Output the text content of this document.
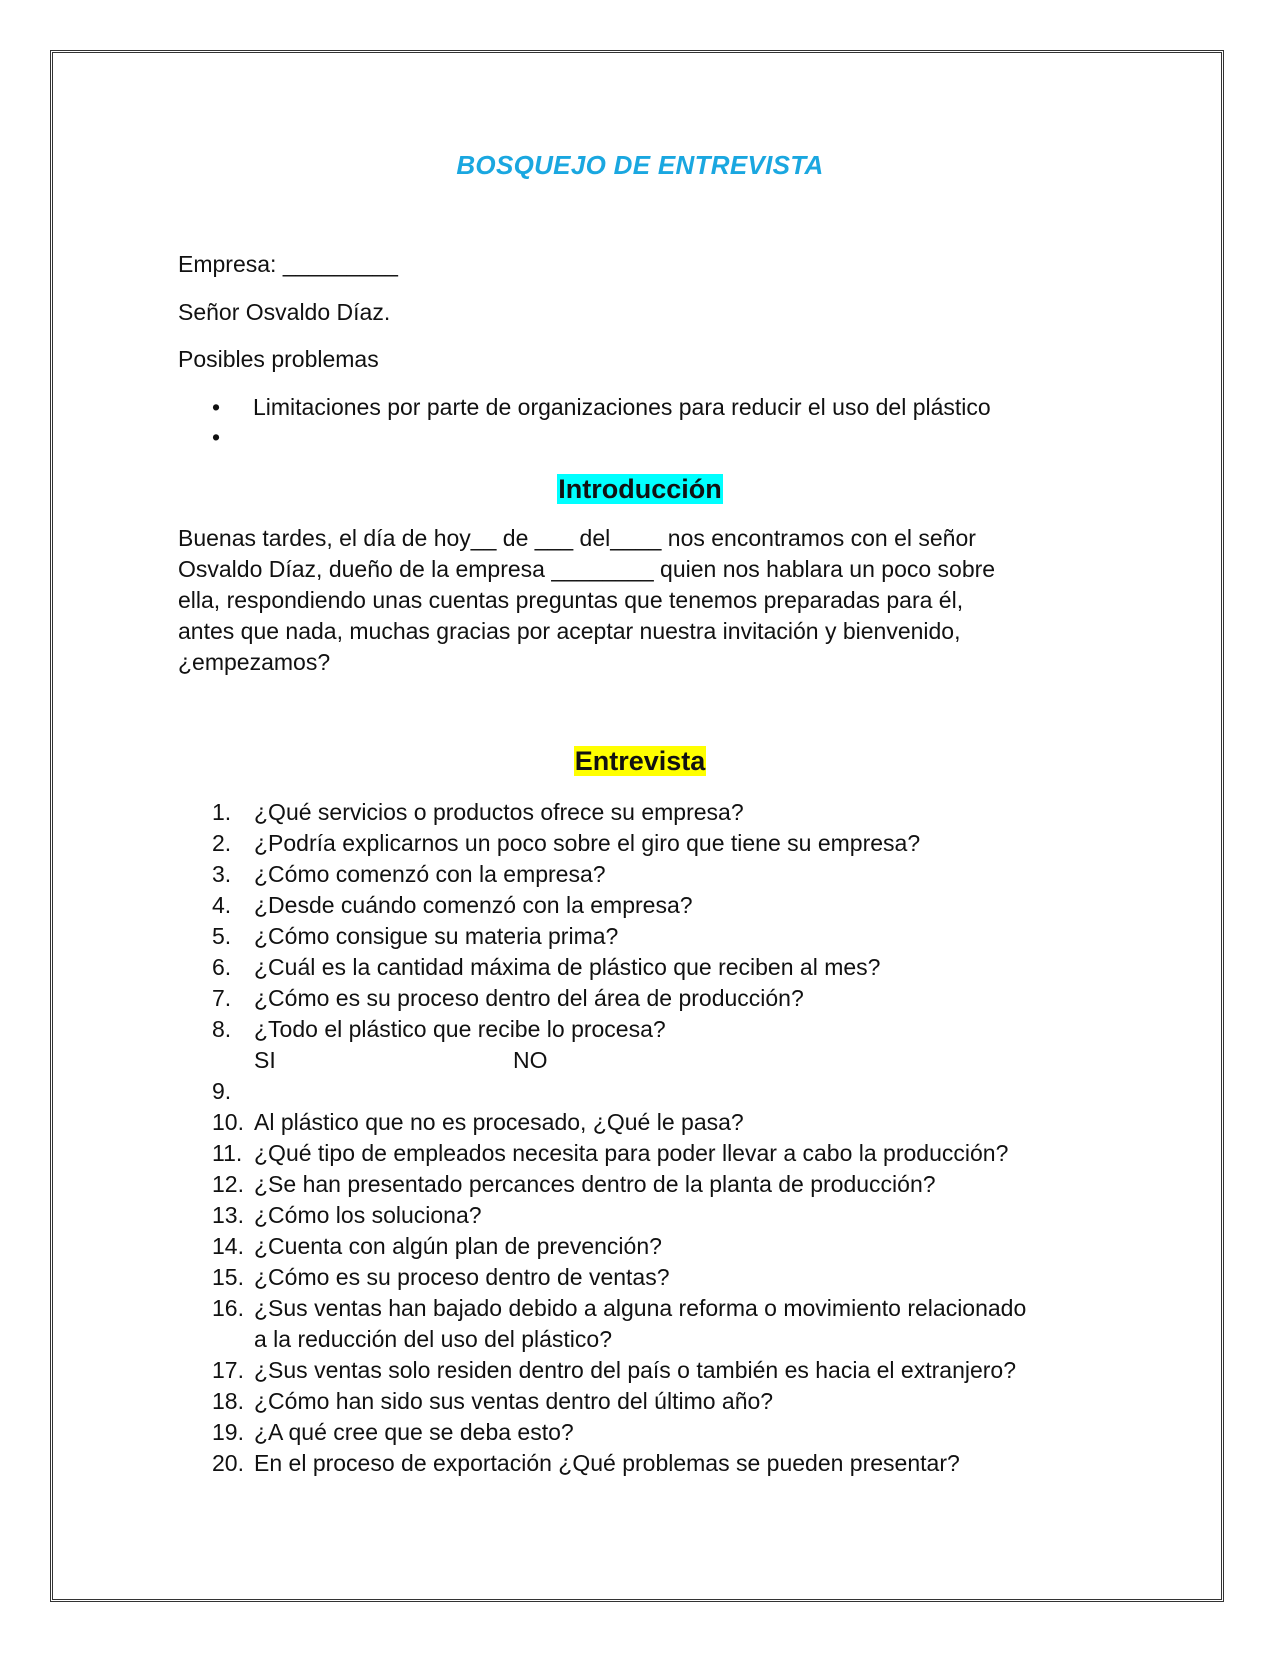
BOSQUEJO DE ENTREVISTA
Empresa: _________
Señor Osvaldo Díaz.
Posibles problemas
• Limitaciones por parte de organizaciones para reducir el uso del plástico
•
Introducción
Buenas tardes, el día de hoy__ de ___ del____ nos encontramos con el señor
Osvaldo Díaz, dueño de la empresa ________ quien nos hablara un poco sobre
ella, respondiendo unas cuentas preguntas que tenemos preparadas para él,
antes que nada, muchas gracias por aceptar nuestra invitación y bienvenido,
¿empezamos?
Entrevista
1. ¿Qué servicios o productos ofrece su empresa?
2. ¿Podría explicarnos un poco sobre el giro que tiene su empresa?
3. ¿Cómo comenzó con la empresa?
4. ¿Desde cuándo comenzó con la empresa?
5. ¿Cómo consigue su materia prima?
6. ¿Cuál es la cantidad máxima de plástico que reciben al mes?
7. ¿Cómo es su proceso dentro del área de producción?
8. ¿Todo el plástico que recibe lo procesa?
SI	NO
9.
10. Al plástico que no es procesado, ¿Qué le pasa?
11. ¿Qué tipo de empleados necesita para poder llevar a cabo la producción?
12. ¿Se han presentado percances dentro de la planta de producción?
13. ¿Cómo los soluciona?
14. ¿Cuenta con algún plan de prevención?
15. ¿Cómo es su proceso dentro de ventas?
16. ¿Sus ventas han bajado debido a alguna reforma o movimiento relacionado
a la reducción del uso del plástico?
17. ¿Sus ventas solo residen dentro del país o también es hacia el extranjero?
18. ¿Cómo han sido sus ventas dentro del último año?
19. ¿A qué cree que se deba esto?
20. En el proceso de exportación ¿Qué problemas se pueden presentar?
